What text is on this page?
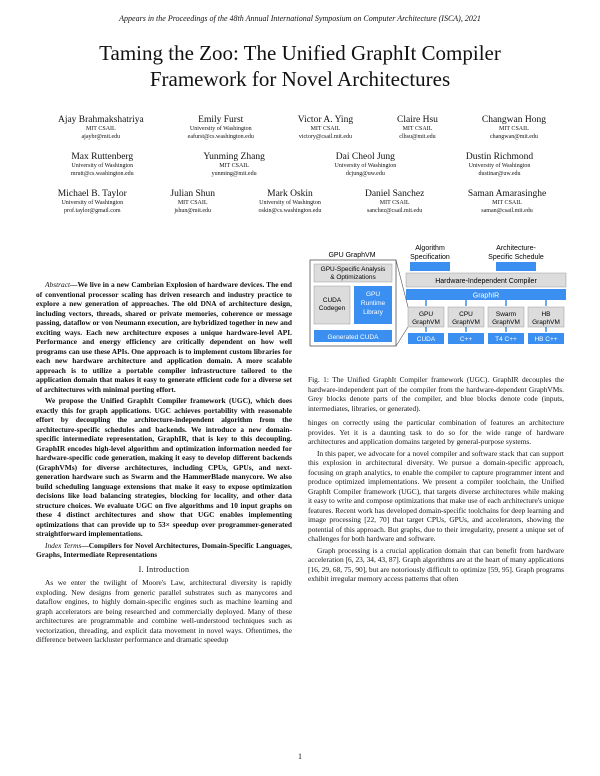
Appears in the Proceedings of the 48th Annual International Symposium on Computer Architecture (ISCA), 2021
Taming the Zoo: The Unified GraphIt Compiler
Framework for Novel Architectures
Ajay Brahmakshatriya
MIT CSAIL
ajaybr@mit.edu
Emily Furst
University of Washington
eafurst@cs.washington.edu
Victor A. Ying
MIT CSAIL
victory@csail.mit.edu
Claire Hsu
MIT CSAIL
clhsu@mit.edu
Changwan Hong
MIT CSAIL
changwan@mit.edu
Max Ruttenberg
University of Washington
mrutt@cs.washington.edu
Yunming Zhang
MIT CSAIL
yunming@mit.edu
Dai Cheol Jung
University of Washington
dcjung@uw.edu
Dustin Richmond
University of Washington
dustinar@uw.edu
Michael B. Taylor
University of Washington
prof.taylor@gmail.com
Julian Shun
MIT CSAIL
jshun@mit.edu
Mark Oskin
University of Washington
oskin@cs.washington.edu
Daniel Sanchez
MIT CSAIL
sanchez@csail.mit.edu
Saman Amarasinghe
MIT CSAIL
saman@csail.mit.edu

Abstract—We live in a new Cambrian Explosion of hardware devices. The end of conventional processor scaling has driven research and industry practice to explore a new generation of approaches. The old DNA of architecture design, including vectors, threads, shared or private memories, coherence or message passing, dataflow or von Neumann execution, are hybridized together in new and exciting ways. Each new architecture exposes a unique hardware-level API. Performance and energy efficiency are critically dependent on how well programs can use these APIs. One approach is to implement custom libraries for each new hardware architecture and application domain. A more scalable approach is to utilize a portable compiler infrastructure tailored to the application domain that makes it easy to generate efficient code for a diverse set of architectures with minimal porting effort.

We propose the Unified GraphIt Compiler framework (UGC), which does exactly this for graph applications. UGC achieves portability with reasonable effort by decoupling the architecture-independent algorithm from the architecture-specific schedules and backends. We introduce a new domain-specific intermediate representation, GraphIR, that is key to this decoupling. GraphIR encodes high-level algorithm and optimization information needed for hardware-specific code generation, making it easy to develop different backends (GraphVMs) for diverse architectures, including CPUs, GPUs, and next-generation hardware such as Swarm and the HammerBlade manycore. We also build scheduling language extensions that make it easy to expose optimization decisions like load balancing strategies, blocking for locality, and other data structure choices. We evaluate UGC on five algorithms and 10 input graphs on these 4 distinct architectures and show that UGC enables implementing optimizations that can provide up to 53× speedup over programmer-generated straightforward implementations.

Index Terms—Compilers for Novel Architectures, Domain-Specific Languages, Graphs, Intermediate Representations

I. Introduction

As we enter the twilight of Moore's Law, architectural diversity is rapidly exploding. New designs from generic parallel substrates such as manycores and dataflow engines, to highly domain-specific engines such as machine learning and graph accelerators are being researched and commercially deployed. Many of these architectures are programmable and combine well-understood techniques such as vectorization, threading, and explicit data movement in novel ways. Oftentimes, the difference between lackluster performance and dramatic speedup

Algorithm
Specification
Architecture-
Specific Schedule
Hardware-Independent Compiler
GraphIR
GPU
GraphVM
CPU
GraphVM
Swarm
GraphVM
HB
GraphVM
CUDA	C++	T4 C++	HB C++
GPU GraphVM
GPU-Specific Analysis
& Optimizations
CUDA
Codegen
GPU
Runtime
Library
Generated CUDA
Fig. 1: The Unified GraphIt Compiler framework (UGC). GraphIR decouples the hardware-independent part of the compiler from the hardware-dependent GraphVMs. Grey blocks denote parts of the compiler, and blue blocks denote code (inputs, intermediates, libraries, or generated).

hinges on correctly using the particular combination of features an architecture provides. Yet it is a daunting task to do so for the wide range of hardware architectures and application domains targeted by general-purpose systems.

In this paper, we advocate for a novel compiler and software stack that can support this explosion in architectural diversity. We pursue a domain-specific approach, focusing on graph analytics, to enable the compiler to capture programmer intent and produce optimized implementations. We present a compiler toolchain, the Unified GraphIt Compiler framework (UGC), that targets diverse architectures while making it easy to write and compose optimizations that make use of each architecture's unique features. Recent work has developed domain-specific toolchains for deep learning and image processing [22, 70] that target CPUs, GPUs, and accelerators, showing the potential of this approach. But graphs, due to their irregularity, present a unique set of challenges for both hardware and software.

Graph processing is a crucial application domain that can benefit from hardware acceleration [6, 23, 34, 43, 87]. Graph algorithms are at the heart of many applications [16, 29, 68, 75, 90], but are notoriously difficult to optimize [59, 95]. Graph programs exhibit irregular memory access patterns that often

1
